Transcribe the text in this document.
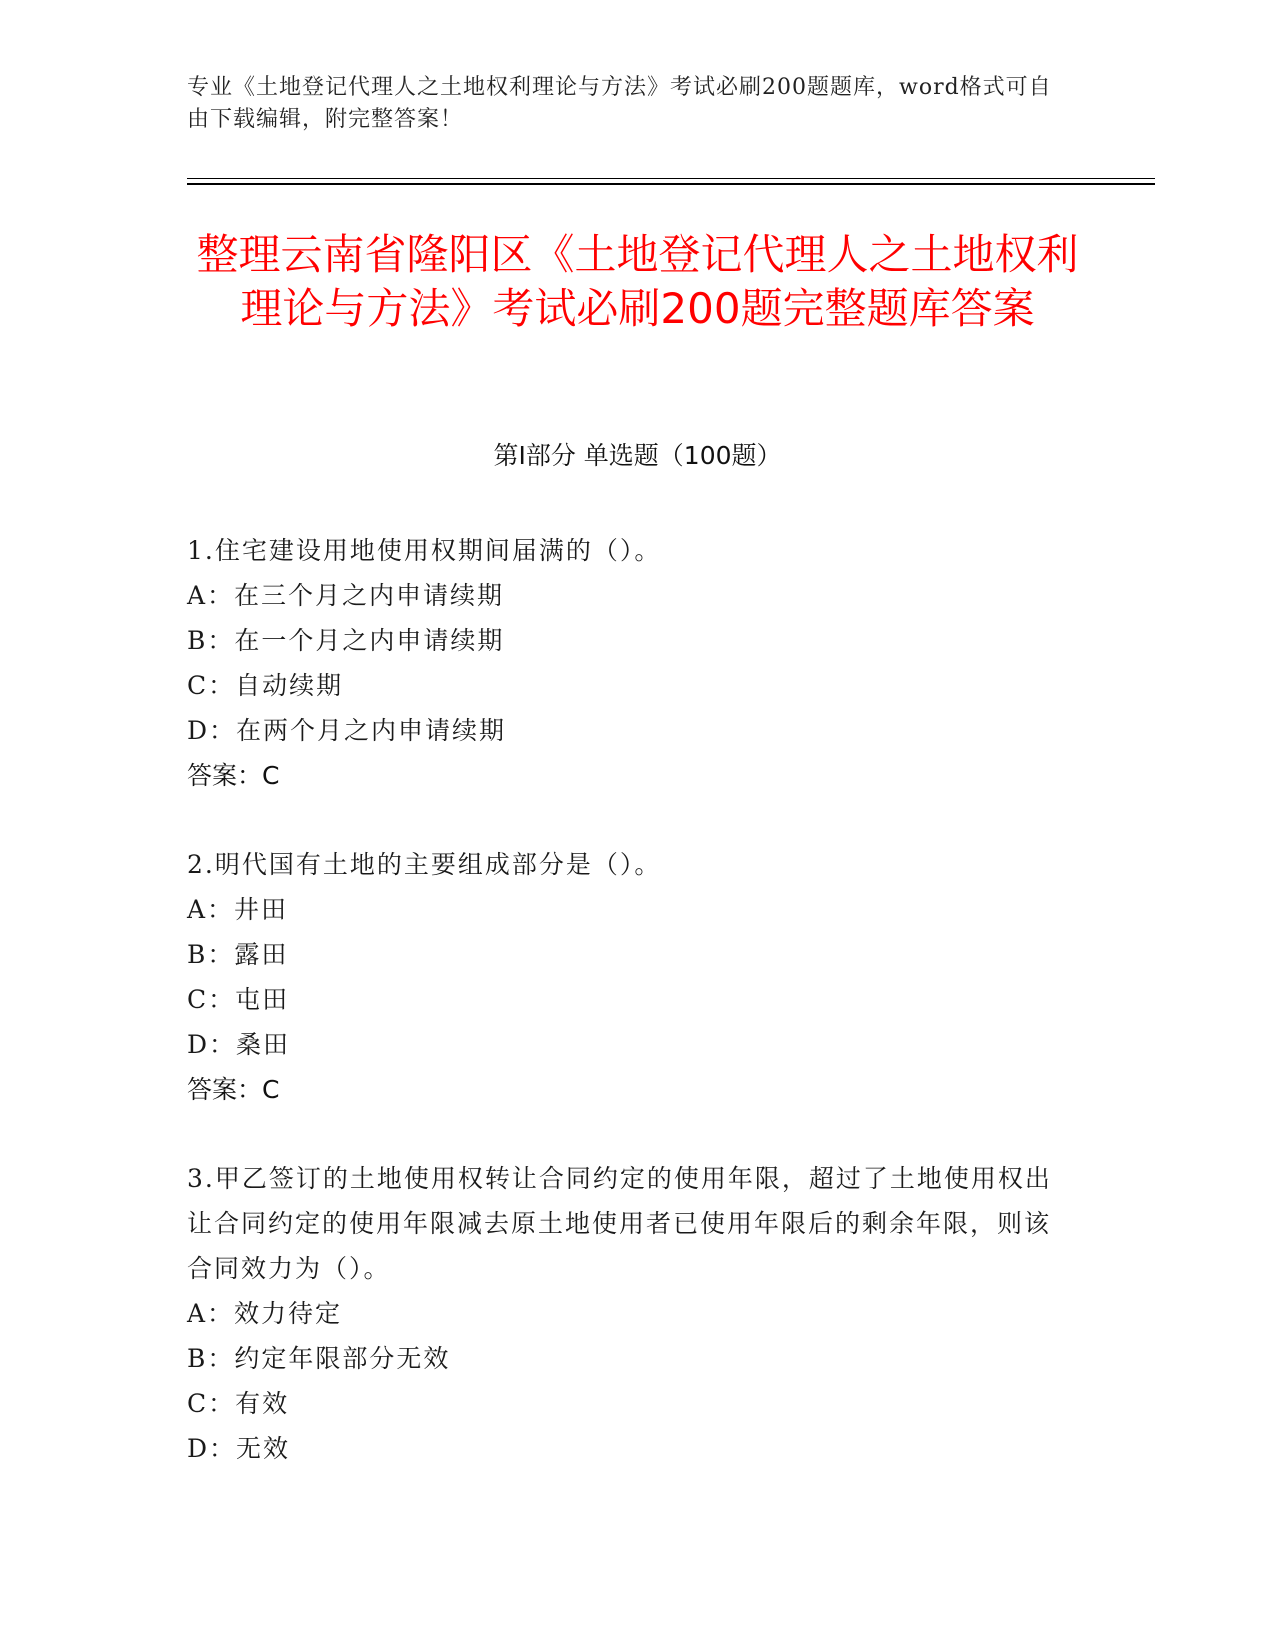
专业《土地登记代理人之土地权利理论与方法》考试必刷200题题库，word格式可自由下载编辑，附完整答案！
整理云南省隆阳区《土地登记代理人之土地权利理论与方法》考试必刷200题完整题库答案
第Ⅰ部分 单选题（100题）

1.住宅建设用地使用权期间届满的（）。

A：在三个月之内申请续期

B：在一个月之内申请续期

C：自动续期

D：在两个月之内申请续期

答案：C

2.明代国有土地的主要组成部分是（）。

A：井田

B：露田

C：屯田

D：桑田

答案：C

3.甲乙签订的土地使用权转让合同约定的使用年限，超过了土地使用权出让合同约定的使用年限减去原土地使用者已使用年限后的剩余年限，则该合同效力为（）。

A：效力待定

B：约定年限部分无效

C：有效

D：无效
